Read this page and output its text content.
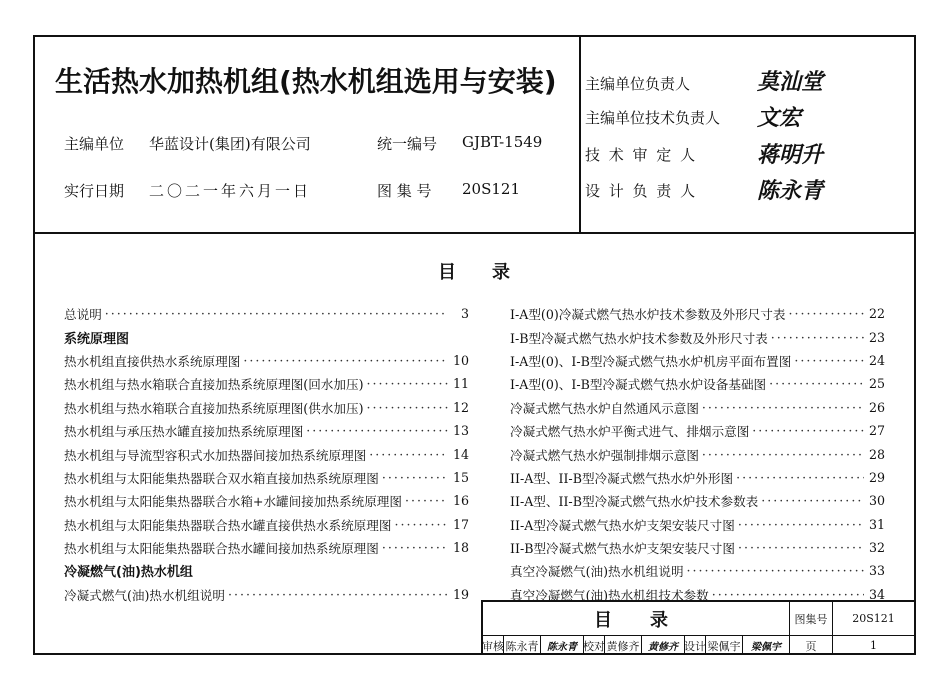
生活热水加热机组(热水机组选用与安装)
主编单位 华蓝设计(集团)有限公司	统一编号 GJBT-1549
实行日期 二〇二一年六月一日	图 集 号 20S121
主编单位负责人	莫汕堂
主编单位技术负责人 文宏
技 术 审 定 人	蒋明升
设 计 负 责 人	陈永青
目　　录
总说明 ·····	3
系统原理图
热水机组直接供热水系统原理图 ·····	10
热水机组与热水箱联合直接加热系统原理图(回水加压) ·····	11
热水机组与热水箱联合直接加热系统原理图(供水加压) ·····	12
热水机组与承压热水罐直接加热系统原理图 ·····	13
热水机组与导流型容积式水加热器间接加热系统原理图 ·····	14
热水机组与太阳能集热器联合双水箱直接加热系统原理图 ·····	15
热水机组与太阳能集热器联合水箱+水罐间接加热系统原理图 ·····	16
热水机组与太阳能集热器联合热水罐直接供热水系统原理图 ·····	17
热水机组与太阳能集热器联合热水罐间接加热系统原理图 ·····	18
冷凝燃气(油)热水机组
冷凝式燃气(油)热水机组说明 ·····	19
I-A型(0)冷凝式燃气热水炉技术参数及外形尺寸表 ·····	22
I-B型冷凝式燃气热水炉技术参数及外形尺寸表 ·····	23
I-A型(0)、I-B型冷凝式燃气热水炉机房平面布置图 ·····	24
I-A型(0)、I-B型冷凝式燃气热水炉设备基础图 ·····	25
冷凝式燃气热水炉自然通风示意图 ·····	26
冷凝式燃气热水炉平衡式进气、排烟示意图 ·····	27
冷凝式燃气热水炉强制排烟示意图 ·····	28
II-A型、II-B型冷凝式燃气热水炉外形图 ·····	29
II-A型、II-B型冷凝式燃气热水炉技术参数表 ·····	30
II-A型冷凝式燃气热水炉支架安装尺寸图 ·····	31
II-B型冷凝式燃气热水炉支架安装尺寸图 ·····	32
真空冷凝燃气(油)热水机组说明 ·····	33
真空冷凝燃气(油)热水机组技术参数 ·····	34
目　录	图集号	20S121
审核 陈永青 陈永青 校对 黄修齐 黄修齐 设计 梁佩宇	梁佩宇	页	1
